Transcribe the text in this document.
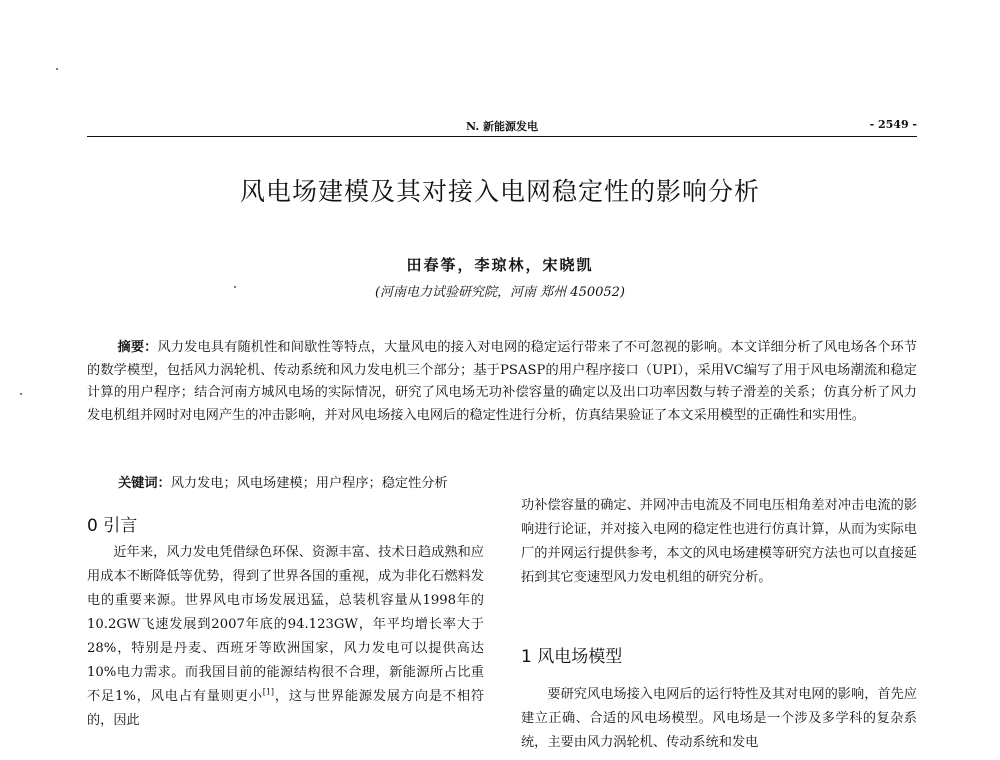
N. 新能源发电	- 2549 -
风电场建模及其对接入电网稳定性的影响分析
田春筝，李琼林，宋晓凯
(河南电力试验研究院，河南 郑州 450052)
摘要：风力发电具有随机性和间歇性等特点，大量风电的接入对电网的稳定运行带来了不可忽视的影响。本文详细分析了风电场各个环节的数学模型，包括风力涡轮机、传动系统和风力发电机三个部分；基于PSASP的用户程序接口（UPI），采用VC编写了用于风电场潮流和稳定计算的用户程序；结合河南方城风电场的实际情况，研究了风电场无功补偿容量的确定以及出口功率因数与转子滑差的关系；仿真分析了风力发电机组并网时对电网产生的冲击影响，并对风电场接入电网后的稳定性进行分析，仿真结果验证了本文采用模型的正确性和实用性。
关键词：风力发电；风电场建模；用户程序；稳定性分析
0 引言

近年来，风力发电凭借绿色环保、资源丰富、技术日趋成熟和应用成本不断降低等优势，得到了世界各国的重视，成为非化石燃料发电的重要来源。世界风电市场发展迅猛，总装机容量从1998年的10.2GW飞速发展到2007年底的94.123GW，年平均增长率大于28%，特别是丹麦、西班牙等欧洲国家，风力发电可以提供高达10%电力需求。而我国目前的能源结构很不合理，新能源所占比重不足1%，风电占有量则更小[1]，这与世界能源发展方向是不相符的，因此

功补偿容量的确定、并网冲击电流及不同电压相角差对冲击电流的影响进行论证，并对接入电网的稳定性也进行仿真计算，从而为实际电厂的并网运行提供参考，本文的风电场建模等研究方法也可以直接延拓到其它变速型风力发电机组的研究分析。

1 风电场模型

要研究风电场接入电网后的运行特性及其对电网的影响，首先应建立正确、合适的风电场模型。风电场是一个涉及多学科的复杂系统，主要由风力涡轮机、传动系统和发电
